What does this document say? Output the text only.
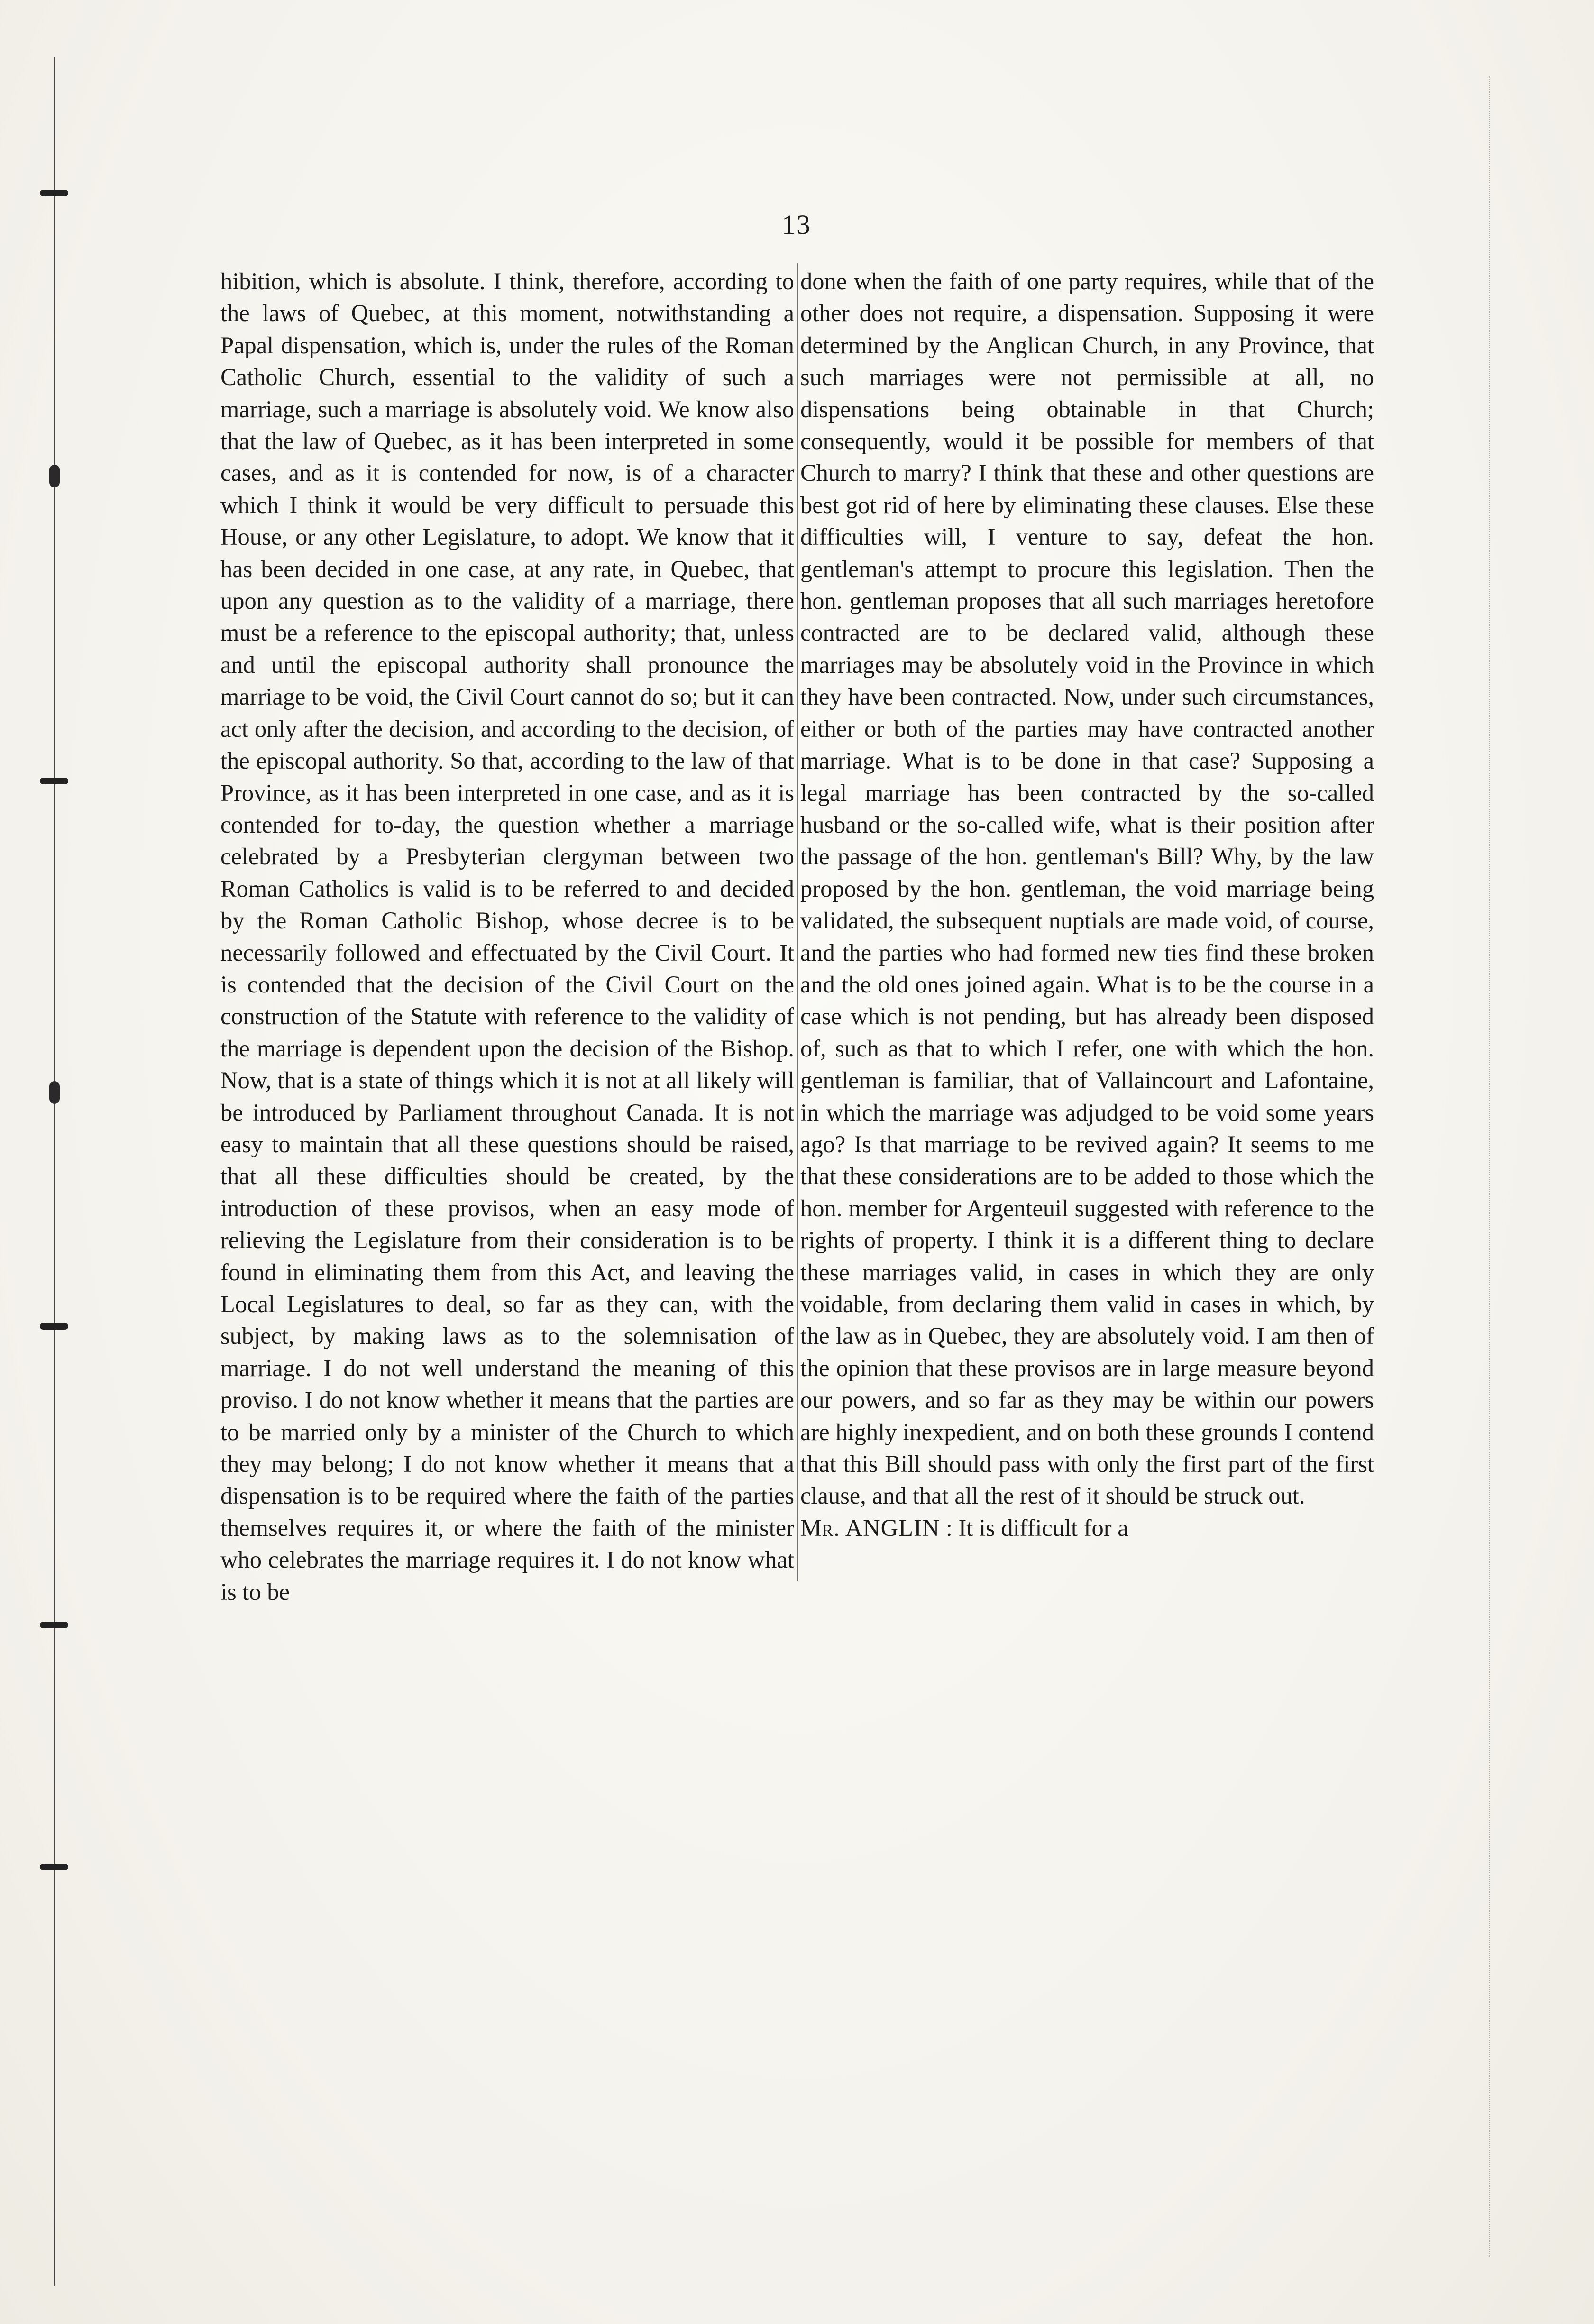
13

hibition, which is absolute. I think, therefore, according to the laws of Quebec, at this moment, notwithstanding a Papal dispensation, which is, under the rules of the Roman Catholic Church, essential to the validity of such a marriage, such a marriage is absolutely void. We know also that the law of Quebec, as it has been interpreted in some cases, and as it is contended for now, is of a character which I think it would be very difficult to persuade this House, or any other Legislature, to adopt. We know that it has been decided in one case, at any rate, in Quebec, that upon any question as to the validity of a marriage, there must be a reference to the episcopal authority; that, unless and until the episcopal authority shall pronounce the marriage to be void, the Civil Court cannot do so; but it can act only after the decision, and according to the decision, of the episcopal authority. So that, according to the law of that Province, as it has been interpreted in one case, and as it is contended for to-day, the question whether a marriage celebrated by a Presbyterian clergyman between two Roman Catholics is valid is to be referred to and decided by the Roman Catholic Bishop, whose decree is to be necessarily followed and effectuated by the Civil Court. It is contended that the decision of the Civil Court on the construction of the Statute with reference to the validity of the marriage is dependent upon the decision of the Bishop. Now, that is a state of things which it is not at all likely will be introduced by Parliament throughout Canada. It is not easy to maintain that all these questions should be raised, that all these difficulties should be created, by the introduction of these provisos, when an easy mode of relieving the Legislature from their consideration is to be found in eliminating them from this Act, and leaving the Local Legislatures to deal, so far as they can, with the subject, by making laws as to the solemnisation of marriage. I do not well understand the meaning of this proviso. I do not know whether it means that the parties are to be married only by a minister of the Church to which they may belong; I do not know whether it means that a dispensation is to be required where the faith of the parties themselves requires it, or where the faith of the minister who celebrates the marriage requires it. I do not know what is to be

done when the faith of one party requires, while that of the other does not require, a dispensation. Supposing it were determined by the Anglican Church, in any Province, that such marriages were not permissible at all, no dispensations being obtainable in that Church; consequently, would it be possible for members of that Church to marry? I think that these and other questions are best got rid of here by eliminating these clauses. Else these difficulties will, I venture to say, defeat the hon. gentleman's attempt to procure this legislation. Then the hon. gentleman proposes that all such marriages heretofore contracted are to be declared valid, although these marriages may be absolutely void in the Province in which they have been contracted. Now, under such circumstances, either or both of the parties may have contracted another marriage. What is to be done in that case? Supposing a legal marriage has been contracted by the so-called husband or the so-called wife, what is their position after the passage of the hon. gentleman's Bill? Why, by the law proposed by the hon. gentleman, the void marriage being validated, the subsequent nuptials are made void, of course, and the parties who had formed new ties find these broken and the old ones joined again. What is to be the course in a case which is not pending, but has already been disposed of, such as that to which I refer, one with which the hon. gentleman is familiar, that of Vallaincourt and Lafontaine, in which the marriage was adjudged to be void some years ago? Is that marriage to be revived again? It seems to me that these considerations are to be added to those which the hon. member for Argenteuil suggested with reference to the rights of property. I think it is a different thing to declare these marriages valid, in cases in which they are only voidable, from declaring them valid in cases in which, by the law as in Quebec, they are absolutely void. I am then of the opinion that these provisos are in large measure beyond our powers, and so far as they may be within our powers are highly inexpedient, and on both these grounds I contend that this Bill should pass with only the first part of the first clause, and that all the rest of it should be struck out.

Mr. ANGLIN : It is difficult for a
